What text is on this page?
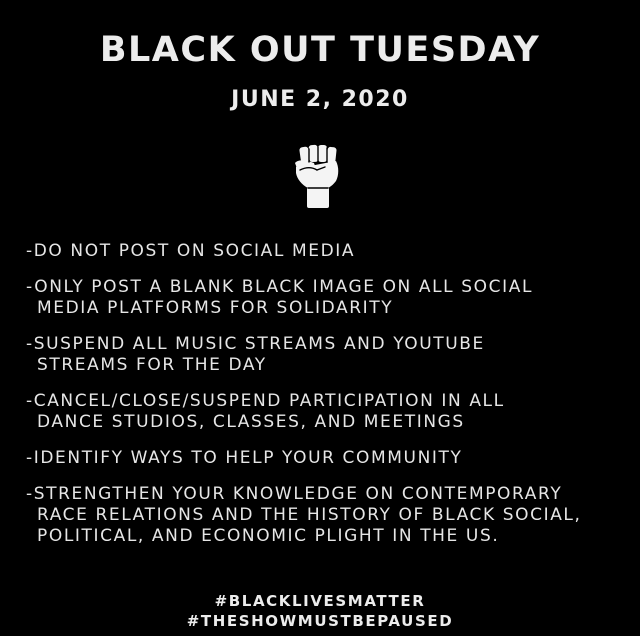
BLACK OUT TUESDAY
JUNE 2, 2020
-DO NOT POST ON SOCIAL MEDIA
-ONLY POST A BLANK BLACK IMAGE ON ALL SOCIAL
MEDIA PLATFORMS FOR SOLIDARITY
-SUSPEND ALL MUSIC STREAMS AND YOUTUBE
STREAMS FOR THE DAY
-CANCEL/CLOSE/SUSPEND PARTICIPATION IN ALL
DANCE STUDIOS, CLASSES, AND MEETINGS
-IDENTIFY WAYS TO HELP YOUR COMMUNITY
-STRENGTHEN YOUR KNOWLEDGE ON CONTEMPORARY
RACE RELATIONS AND THE HISTORY OF BLACK SOCIAL,
POLITICAL, AND ECONOMIC PLIGHT IN THE US.
#BLACKLIVESMATTER
#THESHOWMUSTBEPAUSED
